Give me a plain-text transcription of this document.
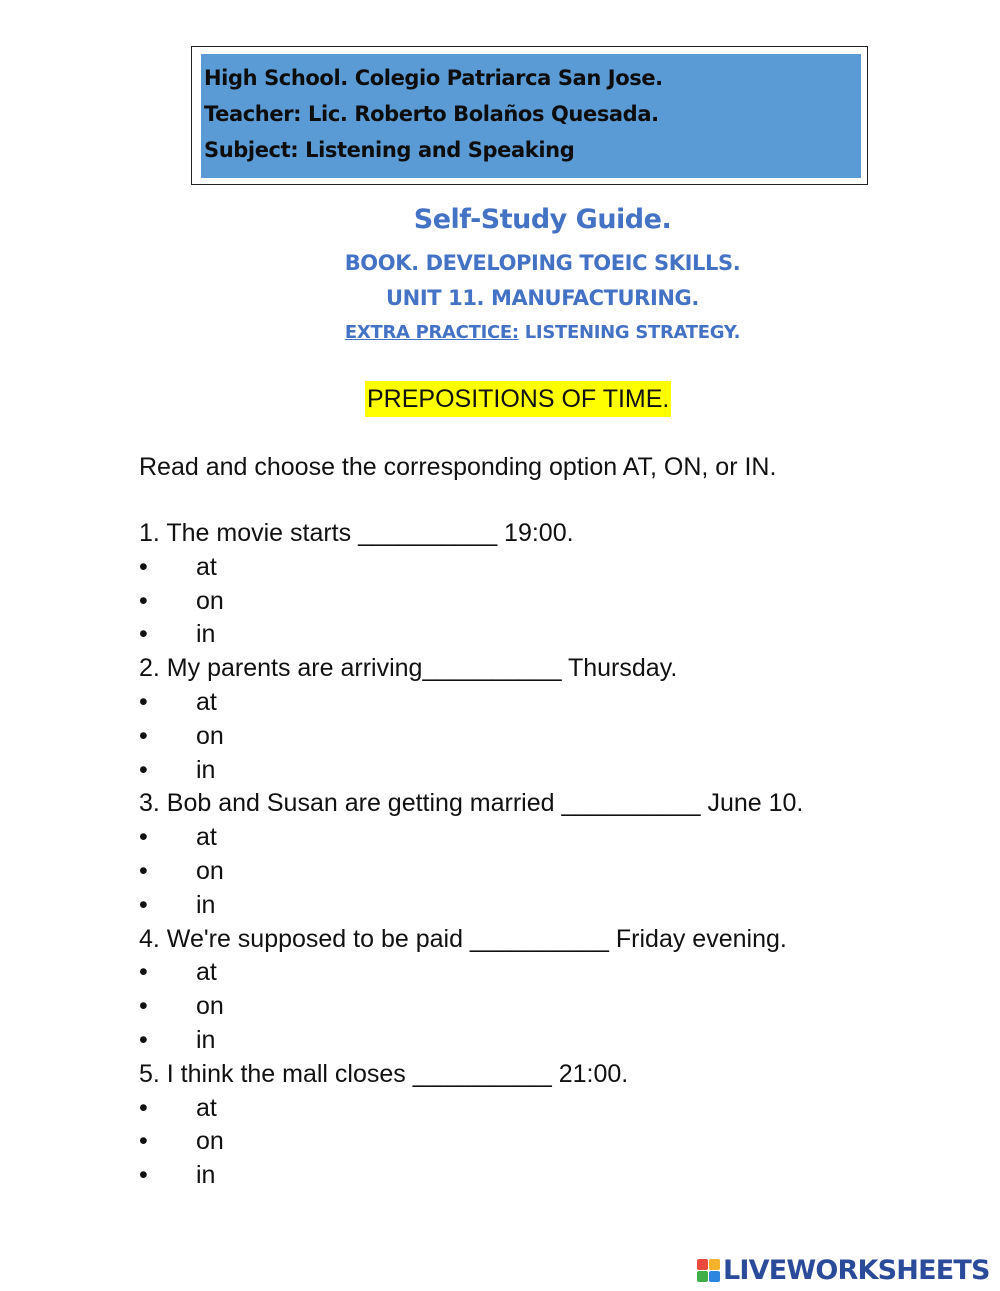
High School. Colegio Patriarca San Jose.
Teacher: Lic. Roberto Bolaños Quesada.
Subject: Listening and Speaking
Self-Study Guide.
BOOK. DEVELOPING TOEIC SKILLS.
UNIT 11. MANUFACTURING.
EXTRA PRACTICE: LISTENING STRATEGY.
PREPOSITIONS OF TIME.
Read and choose the corresponding option AT, ON, or IN.
1. The movie starts __________ 19:00.
• at
• on
• in
2. My parents are arriving__________ Thursday.
• at
• on
• in
3. Bob and Susan are getting married __________ June 10.
• at
• on
• in
4. We're supposed to be paid __________ Friday evening.
• at
• on
• in
5. I think the mall closes __________ 21:00.
• at
• on
• in
LIVEWORKSHEETS
